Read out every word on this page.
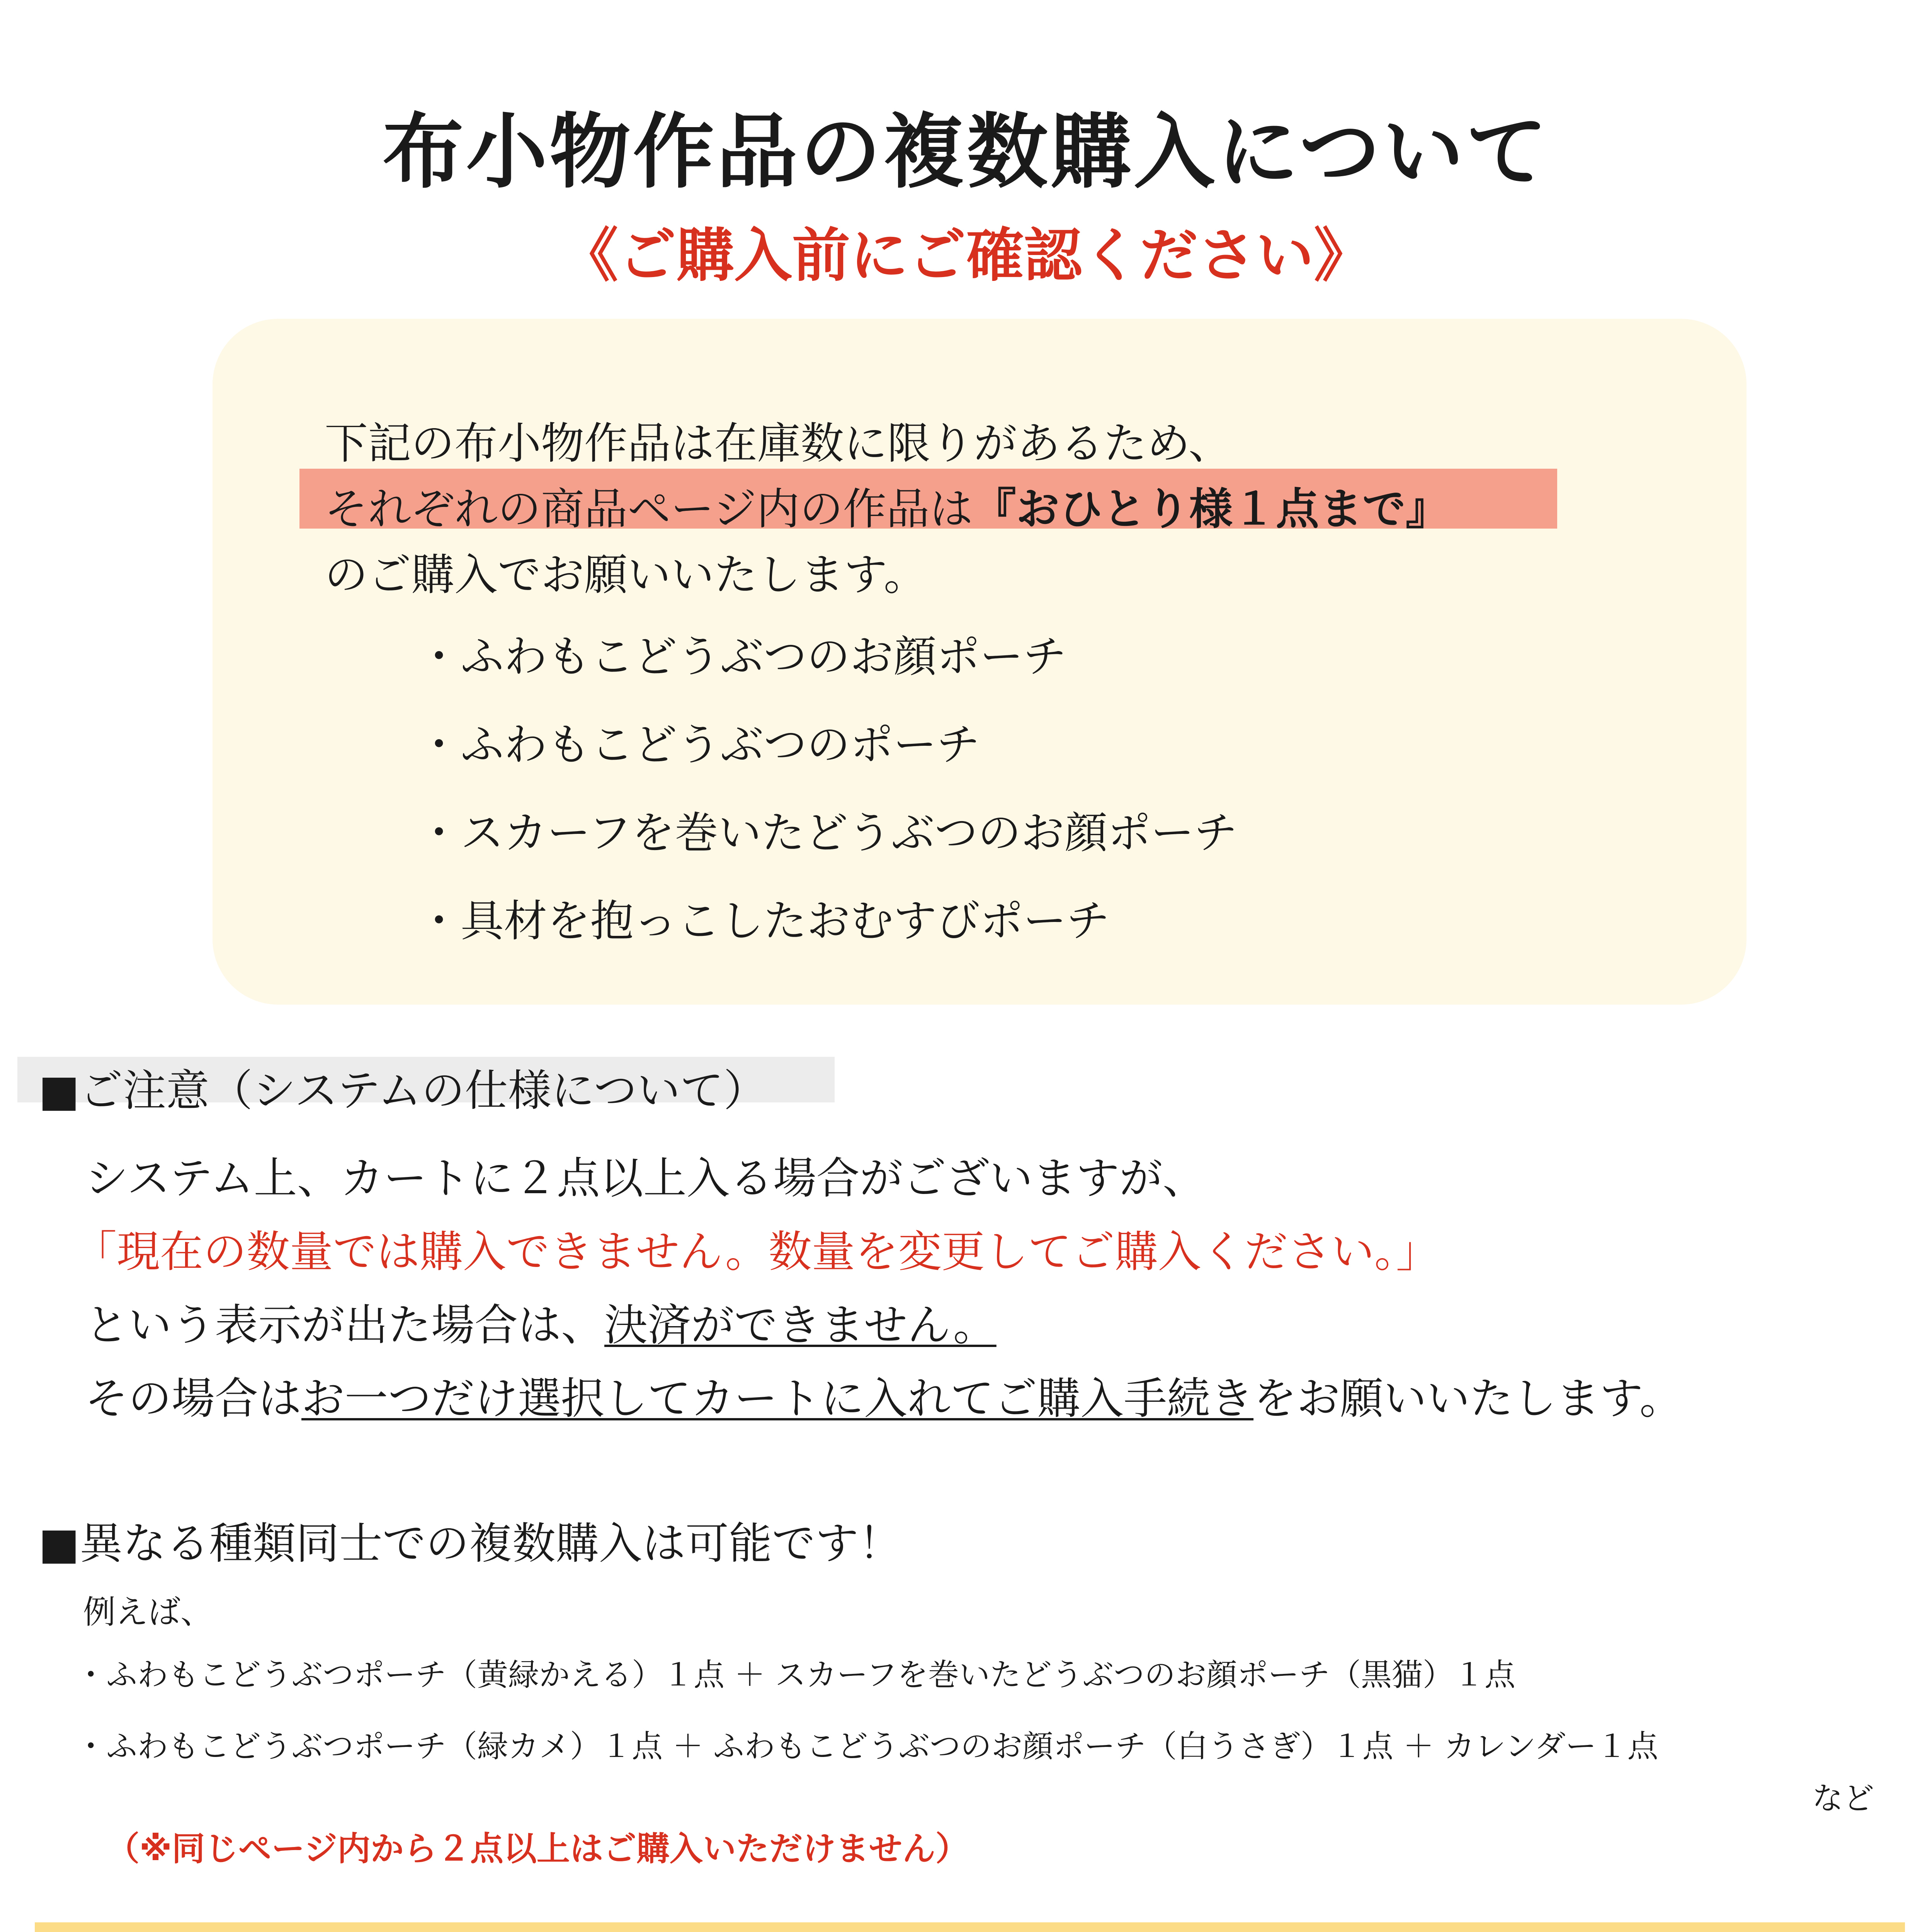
布小物作品の複数購入について
《ご購入前にご確認ください》
下記の布小物作品は在庫数に限りがあるため、
それぞれの商品ページ内の作品は『おひとり様１点まで』
のご購入でお願いいたします。
・ふわもこどうぶつのお顔ポーチ
・ふわもこどうぶつのポーチ
・スカーフを巻いたどうぶつのお顔ポーチ
・具材を抱っこしたおむすびポーチ
■ご注意（システムの仕様について）
システム上、カートに２点以上入る場合がございますが、
「現在の数量では購入できません。数量を変更してご購入ください。」
という表示が出た場合は、決済ができません。
その場合はお一つだけ選択してカートに入れてご購入手続きをお願いいたします。
■異なる種類同士での複数購入は可能です！
例えば、
・ふわもこどうぶつポーチ（黄緑かえる）１点 ＋ スカーフを巻いたどうぶつのお顔ポーチ（黒猫）１点
・ふわもこどうぶつポーチ（緑カメ）１点 ＋ ふわもこどうぶつのお顔ポーチ（白うさぎ）１点 ＋ カレンダー１点
など
（※同じページ内から２点以上はご購入いただけません）
